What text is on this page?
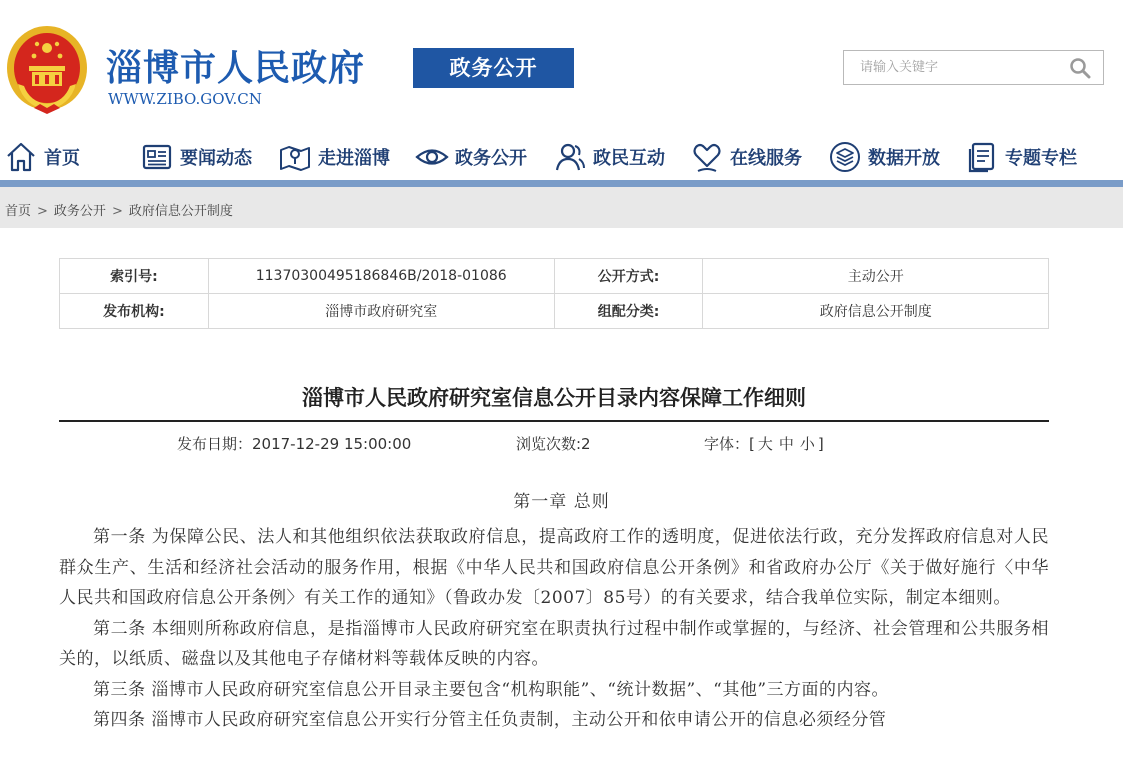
淄博市人民政府
WWW.ZIBO.GOV.CN
政务公开
请输入关键字
首页	要闻动态	走进淄博	政务公开	政民互动	在线服务	数据开放	专题专栏
首页 > 政务公开 > 政府信息公开制度
索引号:	11370300495186846B/2018-01086	公开方式:	主动公开
发布机构:	淄博市政府研究室	组配分类:	政府信息公开制度
淄博市人民政府研究室信息公开目录内容保障工作细则
发布日期：2017-12-29 15:00:00	浏览次数:2	字体：[ 大 中 小 ]
第一章 总则

第一条 为保障公民、法人和其他组织依法获取政府信息，提高政府工作的透明度，促进依法行政，充分发挥政府信息对人民群众生产、生活和经济社会活动的服务作用，根据《中华人民共和国政府信息公开条例》和省政府办公厅《关于做好施行〈中华人民共和国政府信息公开条例〉有关工作的通知》（鲁政办发〔2007〕85号）的有关要求，结合我单位实际，制定本细则。

第二条 本细则所称政府信息，是指淄博市人民政府研究室在职责执行过程中制作或掌握的，与经济、社会管理和公共服务相关的，以纸质、磁盘以及其他电子存储材料等载体反映的内容。

第三条 淄博市人民政府研究室信息公开目录主要包含“机构职能”、“统计数据”、“其他”三方面的内容。

第四条 淄博市人民政府研究室信息公开实行分管主任负责制，主动公开和依申请公开的信息必须经分管
